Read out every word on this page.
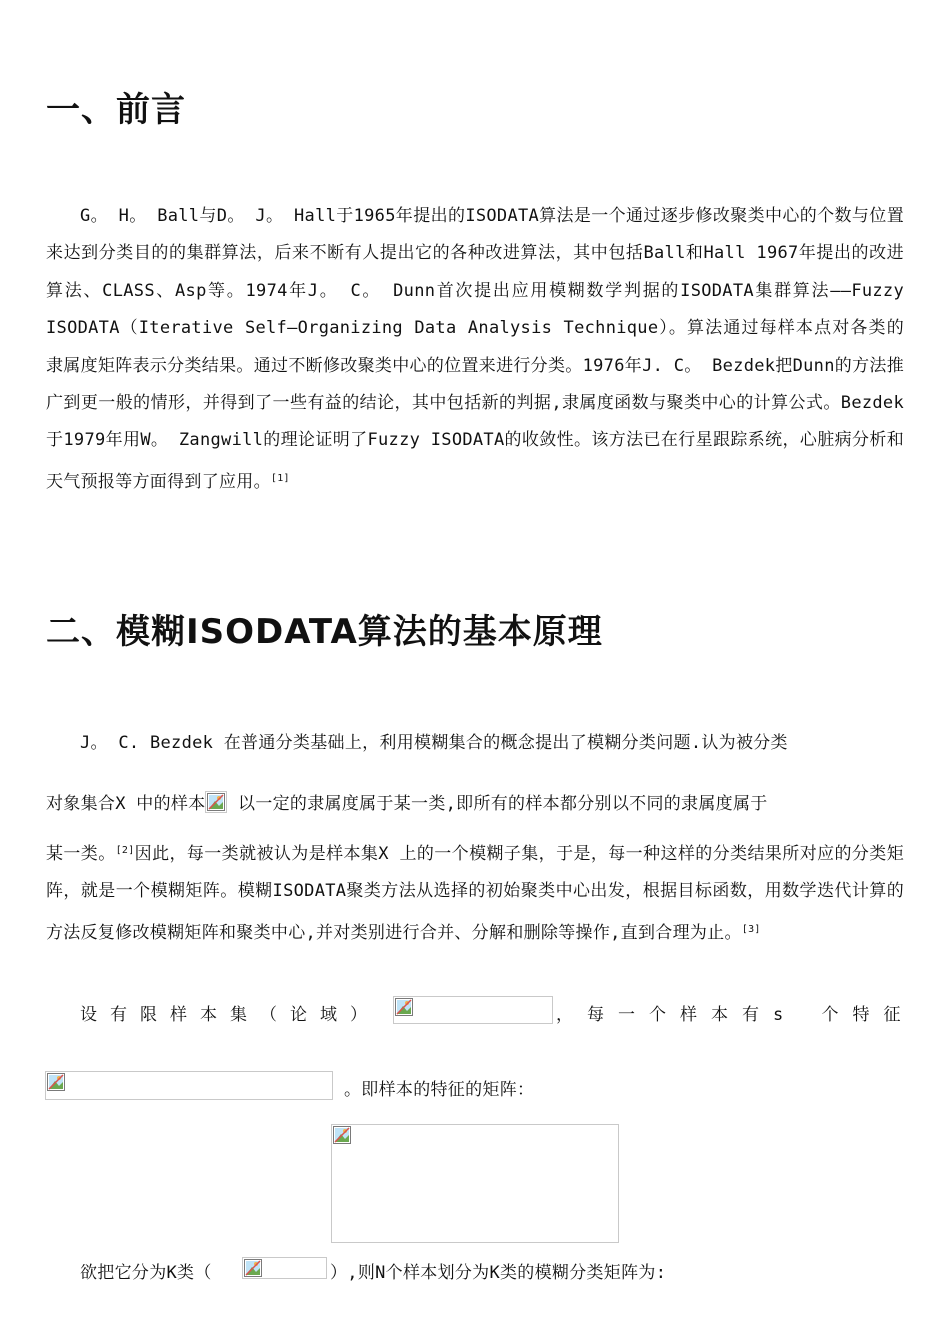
一、前言

G。 H。 Ball与D。 J。 Hall于1965年提出的ISODATA算法是一个通过逐步修改聚类中心的个数与位置来达到分类目的的集群算法，后来不断有人提出它的各种改进算法，其中包括Ball和Hall 1967年提出的改进算法、CLASS、Asp等。1974年J。 C。 Dunn首次提出应用模糊数学判据的ISODATA集群算法——Fuzzy ISODATA（Iterative Self—Organizing Data Analysis Technique）。算法通过每样本点对各类的隶属度矩阵表示分类结果。通过不断修改聚类中心的位置来进行分类。1976年J. C。 Bezdek把Dunn的方法推广到更一般的情形，并得到了一些有益的结论，其中包括新的判据,隶属度函数与聚类中心的计算公式。Bezdek于1979年用W。 Zangwill的理论证明了Fuzzy ISODATA的收敛性。该方法已在行星跟踪系统，心脏病分析和天气预报等方面得到了应用。[1]

二、模糊ISODATA算法的基本原理
J。 C. Bezdek 在普通分类基础上，利用模糊集合的概念提出了模糊分类问题.认为被分类
对象集合X 中的样本
以一定的隶属度属于某一类,即所有的样本都分别以不同的隶属度属于

某一类。[2]因此，每一类就被认为是样本集X 上的一个模糊子集，于是，每一种这样的分类结果所对应的分类矩阵，就是一个模糊矩阵。模糊ISODATA聚类方法从选择的初始聚类中心出发，根据目标函数，用数学迭代计算的方法反复修改模糊矩阵和聚类中心,并对类别进行合并、分解和删除等操作,直到合理为止。[3]

设有限样本集（论域）	，每一个样本有s 个特征
。即样本的特征的矩阵：
欲把它分为K类（	）,则N个样本划分为K类的模糊分类矩阵为:
